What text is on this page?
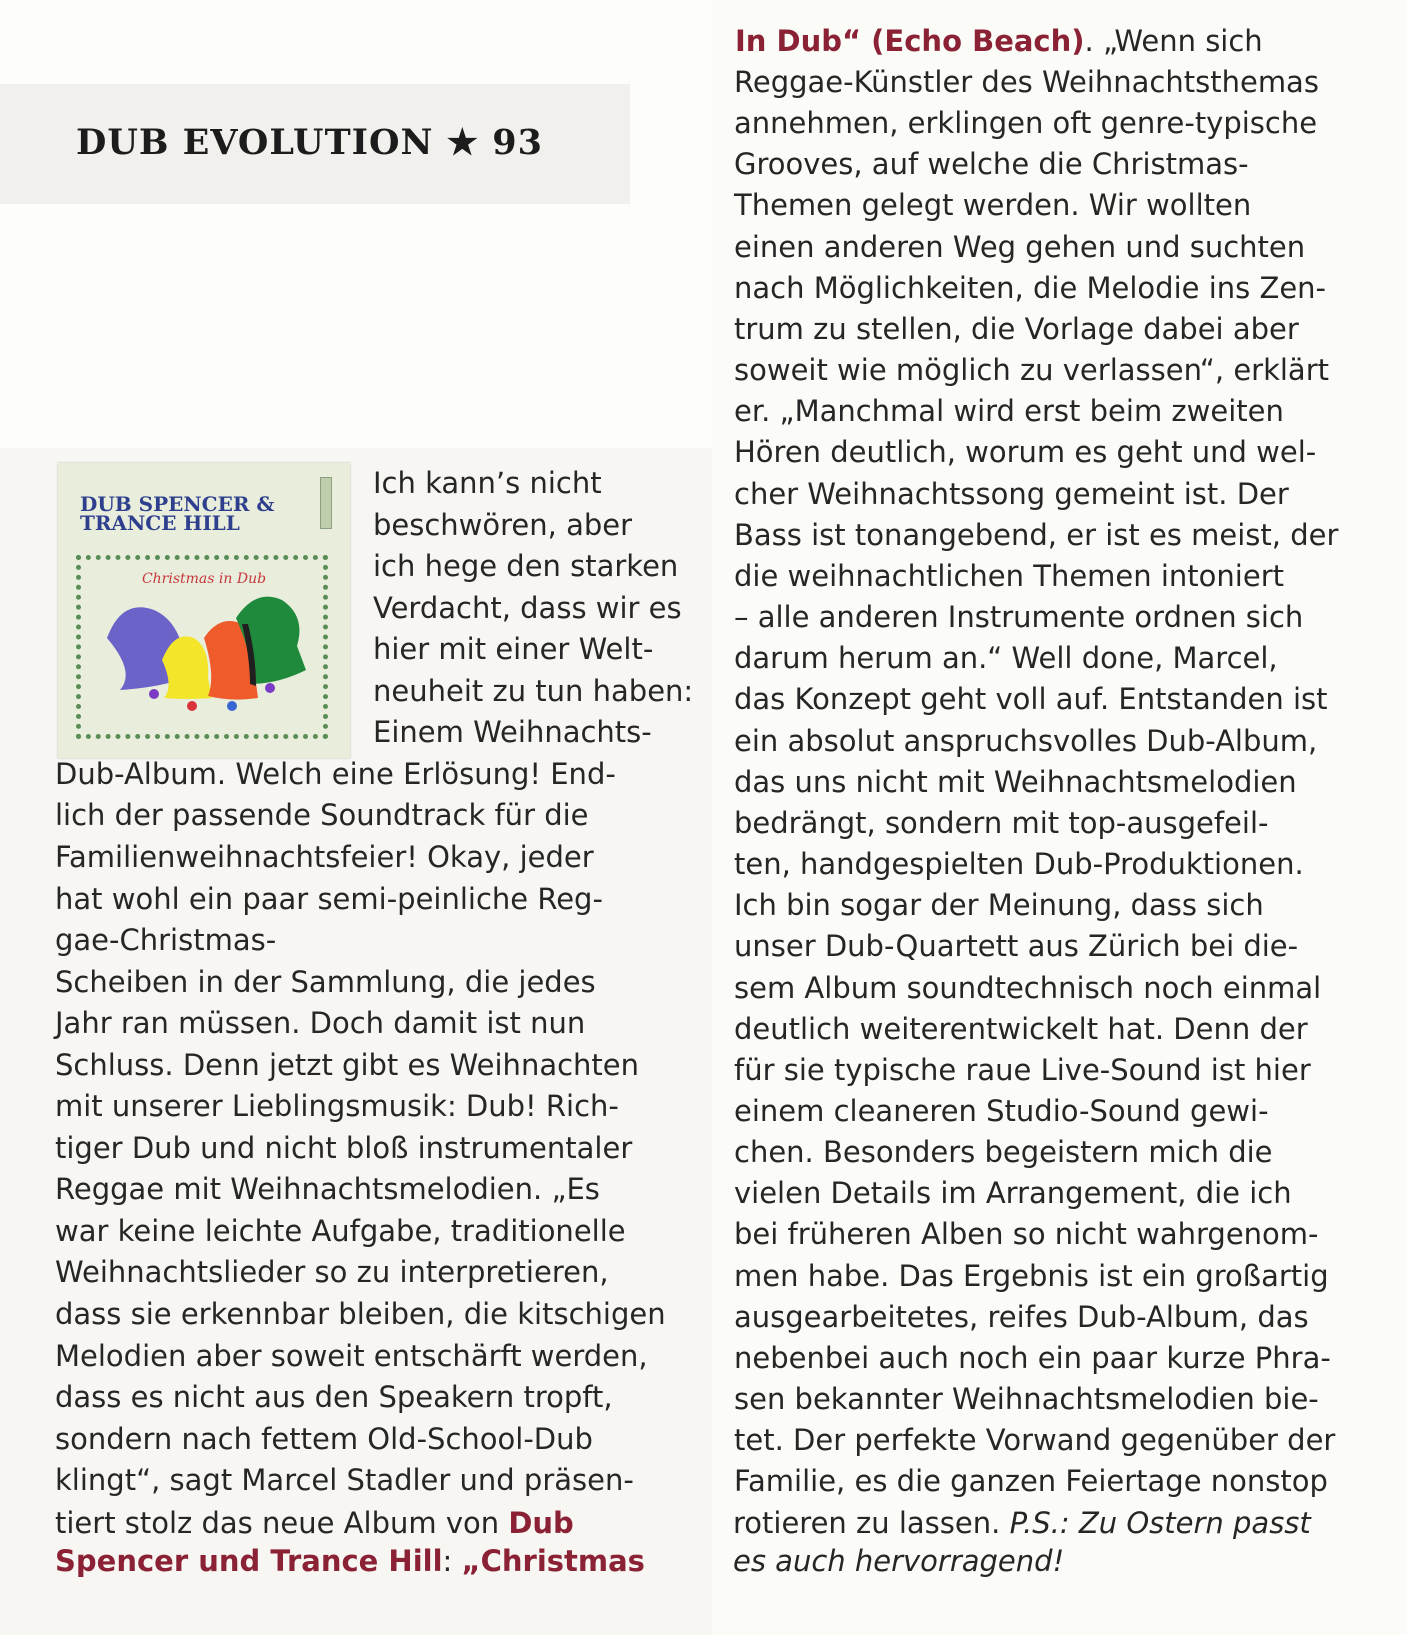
DUB EVOLUTION ★ 93
DUB SPENCER &
TRANCE HILL
Christmas in Dub
Ich kann’s nicht
beschwören, aber
ich hege den starken
Verdacht, dass wir es
hier mit einer Welt-
neuheit zu tun haben:
Einem Weihnachts-
Dub-Album. Welch eine Erlösung! End-
lich der passende Soundtrack für die
Familienweihnachtsfeier! Okay, jeder
hat wohl ein paar semi-peinliche Reg-
gae-Christmas-
Scheiben in der Sammlung, die jedes
Jahr ran müssen. Doch damit ist nun
Schluss. Denn jetzt gibt es Weihnachten
mit unserer Lieblingsmusik: Dub! Rich-
tiger Dub und nicht bloß instrumentaler
Reggae mit Weihnachtsmelodien. „Es
war keine leichte Aufgabe, traditionelle
Weihnachtslieder so zu interpretieren,
dass sie erkennbar bleiben, die kitschigen
Melodien aber soweit entschärft werden,
dass es nicht aus den Speakern tropft,
sondern nach fettem Old-School-Dub
klingt“, sagt Marcel Stadler und präsen-
Reggae-Künstler des Weihnachtsthemas
annehmen, erklingen oft genre-typische
Grooves, auf welche die Christmas-
Themen gelegt werden. Wir wollten
einen anderen Weg gehen und suchten
nach Möglichkeiten, die Melodie ins Zen-
trum zu stellen, die Vorlage dabei aber
soweit wie möglich zu verlassen“, erklärt
er. „Manchmal wird erst beim zweiten
Hören deutlich, worum es geht und wel-
cher Weihnachtssong gemeint ist. Der
Bass ist tonangebend, er ist es meist, der
die weihnachtlichen Themen intoniert
– alle anderen Instrumente ordnen sich
darum herum an.“ Well done, Marcel,
das Konzept geht voll auf. Entstanden ist
ein absolut anspruchsvolles Dub-Album,
das uns nicht mit Weihnachtsmelodien
bedrängt, sondern mit top-ausgefeil-
ten, handgespielten Dub-Produktionen.
Ich bin sogar der Meinung, dass sich
unser Dub-Quartett aus Zürich bei die-
sem Album soundtechnisch noch einmal
deutlich weiterentwickelt hat. Denn der
für sie typische raue Live-Sound ist hier
einem cleaneren Studio-Sound gewi-
chen. Besonders begeistern mich die
vielen Details im Arrangement, die ich
bei früheren Alben so nicht wahrgenom-
men habe. Das Ergebnis ist ein großartig
ausgearbeitetes, reifes Dub-Album, das
nebenbei auch noch ein paar kurze Phra-
sen bekannter Weihnachtsmelodien bie-
tet. Der perfekte Vorwand gegenüber der
Familie, es die ganzen Feiertage nonstop
tiert stolz das neue Album von Dub
Spencer und Trance Hill: „Christmas
In Dub“ (Echo Beach). „Wenn sich
rotieren zu lassen. P.S.: Zu Ostern passt
es auch hervorragend!
